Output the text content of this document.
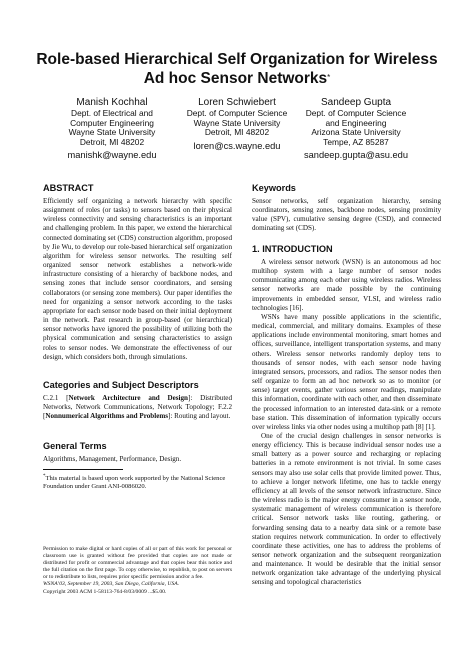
Role-based Hierarchical Self Organization for Wireless
Ad hoc Sensor Networks*
Manish Kochhal
Dept. of Electrical and
Computer Engineering
Wayne State University
Detroit, MI 48202
manishk@wayne.edu
Loren Schwiebert
Dept. of Computer Science
Wayne State University
Detroit, MI 48202
loren@cs.wayne.edu
Sandeep Gupta
Dept. of Computer Science
and Engineering
Arizona State University
Tempe, AZ 85287
sandeep.gupta@asu.edu
ABSTRACT

Efficiently self organizing a network hierarchy with specific assignment of roles (or tasks) to sensors based on their physical wireless connectivity and sensing characteristics is an important and challenging problem. In this paper, we extend the hierarchical connected dominating set (CDS) construction algorithm, proposed by Jie Wu, to develop our role-based hierarchical self organization algorithm for wireless sensor networks. The resulting self organized sensor network establishes a network-wide infrastructure consisting of a hierarchy of backbone nodes, and sensing zones that include sensor coordinators, and sensing collaborators (or sensing zone members). Our paper identifies the need for organizing a sensor network according to the tasks appropriate for each sensor node based on their initial deployment in the network. Past research in group-based (or hierarchical) sensor networks have ignored the possibility of utilizing both the physical communication and sensing characteristics to assign roles to sensor nodes. We demonstrate the effectiveness of our design, which considers both, through simulations.

Categories and Subject Descriptors

C.2.1 [Network Architecture and Design]: Distributed Networks, Network Communications, Network Topology; F.2.2 [Nonnumerical Algorithms and Problems]: Routing and layout.

General Terms

Algorithms, Management, Performance, Design.

*This material is based upon work supported by the National Science Foundation under Grant ANI-0086020.

Permission to make digital or hard copies of all or part of this work for personal or classroom use is granted without fee provided that copies are not made or distributed for profit or commercial advantage and that copies bear this notice and the full citation on the first page. To copy otherwise, to republish, to post on servers or to redistribute to lists, requires prior specific permission and/or a fee.

WSNA’03, September 19, 2003, San Diego, California, USA.

Copyright 2003 ACM 1-58113-764-8/03/0009 ...$5.00.

Keywords

Sensor networks, self organization hierarchy, sensing coordinators, sensing zones, backbone nodes, sensing proximity value (SPV), cumulative sensing degree (CSD), and connected dominating set (CDS).

1. INTRODUCTION

A wireless sensor network (WSN) is an autonomous ad hoc multihop system with a large number of sensor nodes communicating among each other using wireless radios. Wireless sensor networks are made possible by the continuing improvements in embedded sensor, VLSI, and wireless radio technologies [16].

WSNs have many possible applications in the scientific, medical, commercial, and military domains. Examples of these applications include environmental monitoring, smart homes and offices, surveillance, intelligent transportation systems, and many others. Wireless sensor networks randomly deploy tens to thousands of sensor nodes, with each sensor node having integrated sensors, processors, and radios. The sensor nodes then self organize to form an ad hoc network so as to monitor (or sense) target events, gather various sensor readings, manipulate this information, coordinate with each other, and then disseminate the processed information to an interested data-sink or a remote base station. This dissemination of information typically occurs over wireless links via other nodes using a multihop path [8] [1].

One of the crucial design challenges in sensor networks is energy efficiency. This is because individual sensor nodes use a small battery as a power source and recharging or replacing batteries in a remote environment is not trivial. In some cases sensors may also use solar cells that provide limited power. Thus, to achieve a longer network lifetime, one has to tackle energy efficiency at all levels of the sensor network infrastructure. Since the wireless radio is the major energy consumer in a sensor node, systematic management of wireless communication is therefore critical. Sensor network tasks like routing, gathering, or forwarding sensing data to a nearby data sink or a remote base station requires network communication. In order to effectively coordinate these activities, one has to address the problems of sensor network organization and the subsequent reorganization and maintenance. It would be desirable that the initial sensor network organization take advantage of the underlying physical sensing and topological characteristics
